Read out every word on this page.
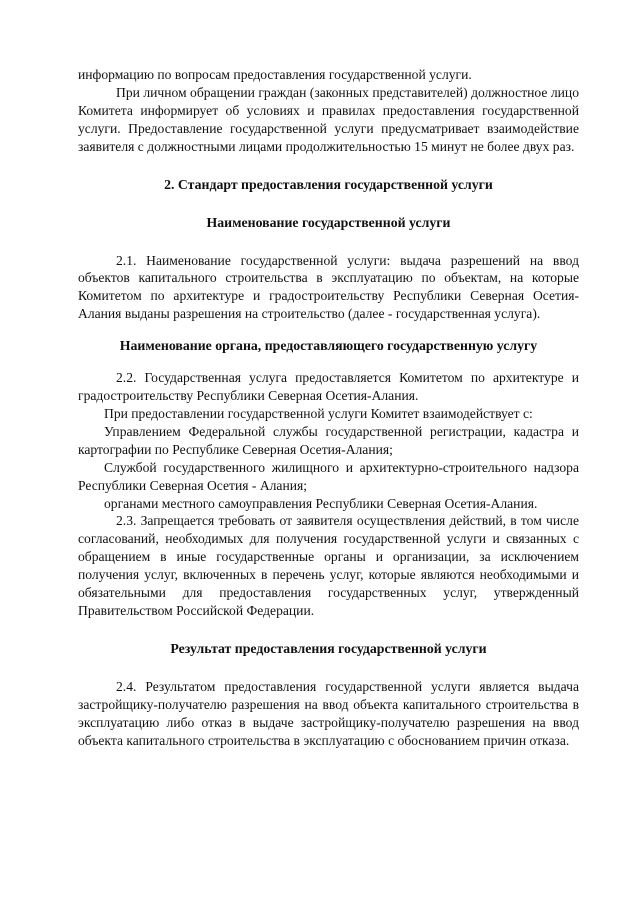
информацию по вопросам предоставления государственной услуги.

При личном обращении граждан (законных представителей) должностное лицо Комитета информирует об условиях и правилах предоставления государственной услуги. Предоставление государственной услуги предусматривает взаимодействие заявителя с должностными лицами продолжительностью 15 минут не более двух раз.

2. Стандарт предоставления государственной услуги
Наименование государственной услуги

2.1. Наименование государственной услуги: выдача разрешений на ввод объектов капитального строительства в эксплуатацию по объектам, на которые Комитетом по архитектуре и градостроительству Республики Северная Осетия-Алания выданы разрешения на строительство (далее - государственная услуга).

Наименование органа, предоставляющего государственную услугу

2.2. Государственная услуга предоставляется Комитетом по архитектуре и градостроительству Республики Северная Осетия-Алания.

При предоставлении государственной услуги Комитет взаимодействует с:

Управлением Федеральной службы государственной регистрации, кадастра и картографии по Республике Северная Осетия-Алания;

Службой государственного жилищного и архитектурно-строительного надзора Республики Северная Осетия - Алания;

органами местного самоуправления Республики Северная Осетия-Алания.

2.3. Запрещается требовать от заявителя осуществления действий, в том числе согласований, необходимых для получения государственной услуги и связанных с обращением в иные государственные органы и организации, за исключением получения услуг, включенных в перечень услуг, которые являются необходимыми и обязательными для предоставления государственных услуг, утвержденный Правительством Российской Федерации.

Результат предоставления государственной услуги

2.4. Результатом предоставления государственной услуги является выдача застройщику-получателю разрешения на ввод объекта капитального строительства в эксплуатацию либо отказ в выдаче застройщику-получателю разрешения на ввод объекта капитального строительства в эксплуатацию с обоснованием причин отказа.
